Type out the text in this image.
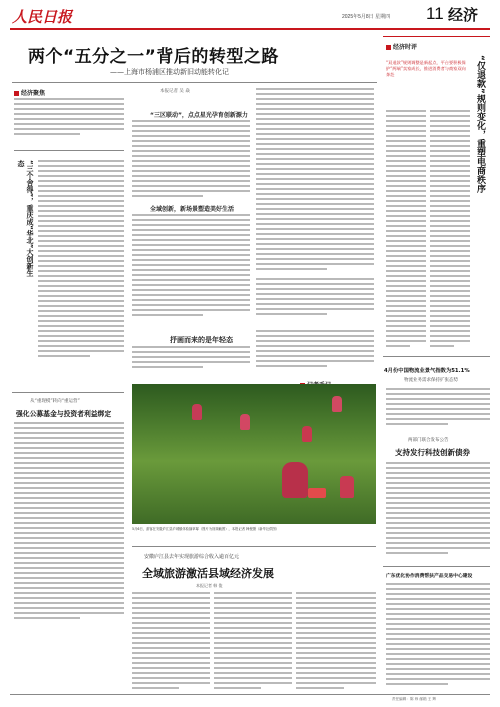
人民日报	2025年5月8日 星期四 11 经济
两个“五分之一”背后的转型之路
——上海市杨浦区推动新旧动能转化记
经济聚焦
“三个舍得”，重庆成“华北”大创新生态
本报记者 吴 焱
“三区联动”，点点星光孕育创新源力
全域创新，新场景塑造美好生活
抒画而来的是年轻态
经济时评
“双退款”规则调整是新起点，平台要积极保护“两端”卖家成长，推进消费者与商家双向奔赴	“仅退款”规则变化，重塑电商秩序
4月份中国物流业景气指数为51.1%
物流业务需求保持扩张态势
两部门联合发布公告
支持发行科技创新债券
广东优化协作消费帮扶产品交易中心建设
从“重现模”转向“重运营”
强化公募基金与投资者利益绑定
5月6日，游客在安徽庐江县庐城镇体验摘草莓（图片为视频截图），本报记者 韩俊摄（新华社供图）
安徽庐江县去年实现旅游综合收入逾百亿元
全域旅游激活县域经济发展
本报记者 韩 俊
责任编辑：陈 炜 邮箱 王 辉
